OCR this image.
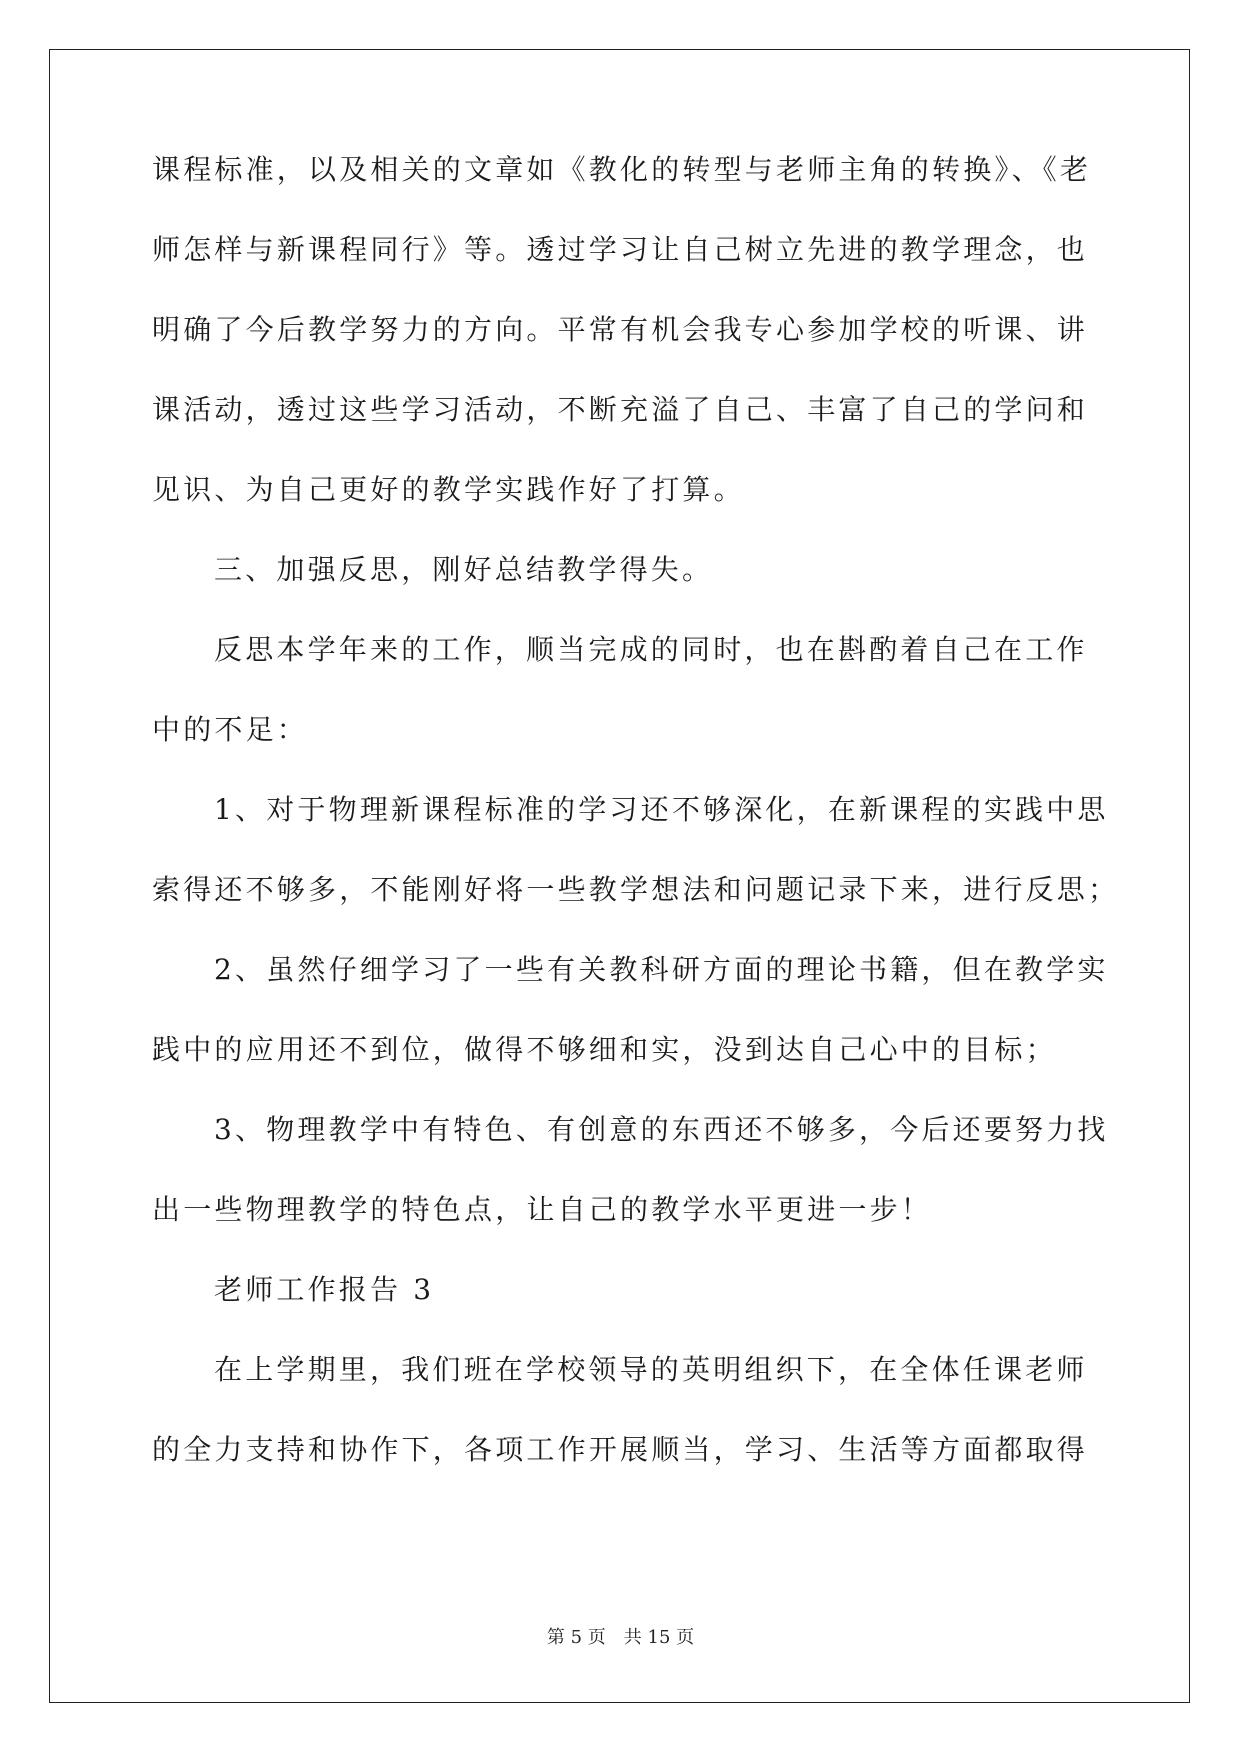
课程标准，以及相关的文章如《教化的转型与老师主角的转换》、《老
师怎样与新课程同行》等。透过学习让自己树立先进的教学理念，也
明确了今后教学努力的方向。平常有机会我专心参加学校的听课、讲
课活动，透过这些学习活动，不断充溢了自己、丰富了自己的学问和
见识、为自己更好的教学实践作好了打算。
三、加强反思，刚好总结教学得失。
反思本学年来的工作，顺当完成的同时，也在斟酌着自己在工作
中的不足：
1、对于物理新课程标准的学习还不够深化，在新课程的实践中思
索得还不够多，不能刚好将一些教学想法和问题记录下来，进行反思；
2、虽然仔细学习了一些有关教科研方面的理论书籍，但在教学实
践中的应用还不到位，做得不够细和实，没到达自己心中的目标；
3、物理教学中有特色、有创意的东西还不够多，今后还要努力找
出一些物理教学的特色点，让自己的教学水平更进一步！
老师工作报告 3
在上学期里，我们班在学校领导的英明组织下，在全体任课老师
的全力支持和协作下，各项工作开展顺当，学习、生活等方面都取得
第 5 页 共 15 页
